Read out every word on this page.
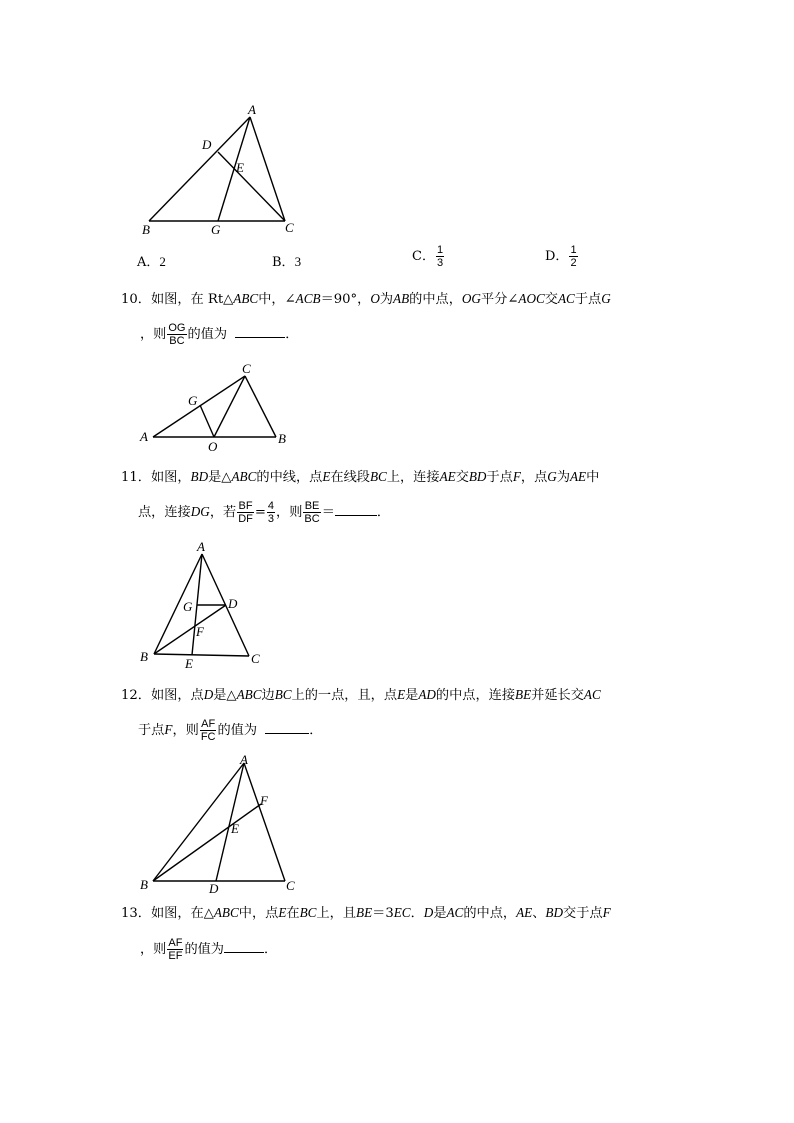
A
D
E
B	G	C
A．2	B．3	C． $\frac{1}{3}$	D． $\frac{1}{2}$
10．如图，在 Rt△ABC中，∠ACB＝90°，O为AB的中点，OG平分∠AOC交AC于点G
，则 $\frac{OG}{BC}$ 的值为	．
C
G
A
O
B
11．如图，BD是△ABC的中线，点E在线段BC上，连接AE交BD于点F，点G为AE中
点，连接DG，若 $\frac{BF}{DF} = \frac{4}{3}$ ，则 $\frac{BE}{BC}$ ＝	．
A
G	D
F
B	E	C
12．如图，点D是△ABC边BC上的一点，且，点E是AD的中点，连接BE并延长交AC
于点F，则 $\frac{AF}{FC}$ 的值为	．
A
F
E
B	D	C
13．如图，在△ABC中，点E在BC上，且BE＝3EC．D是AC的中点，AE、BD交于点F
，则 $\frac{AF}{EF}$ 的值为	．
